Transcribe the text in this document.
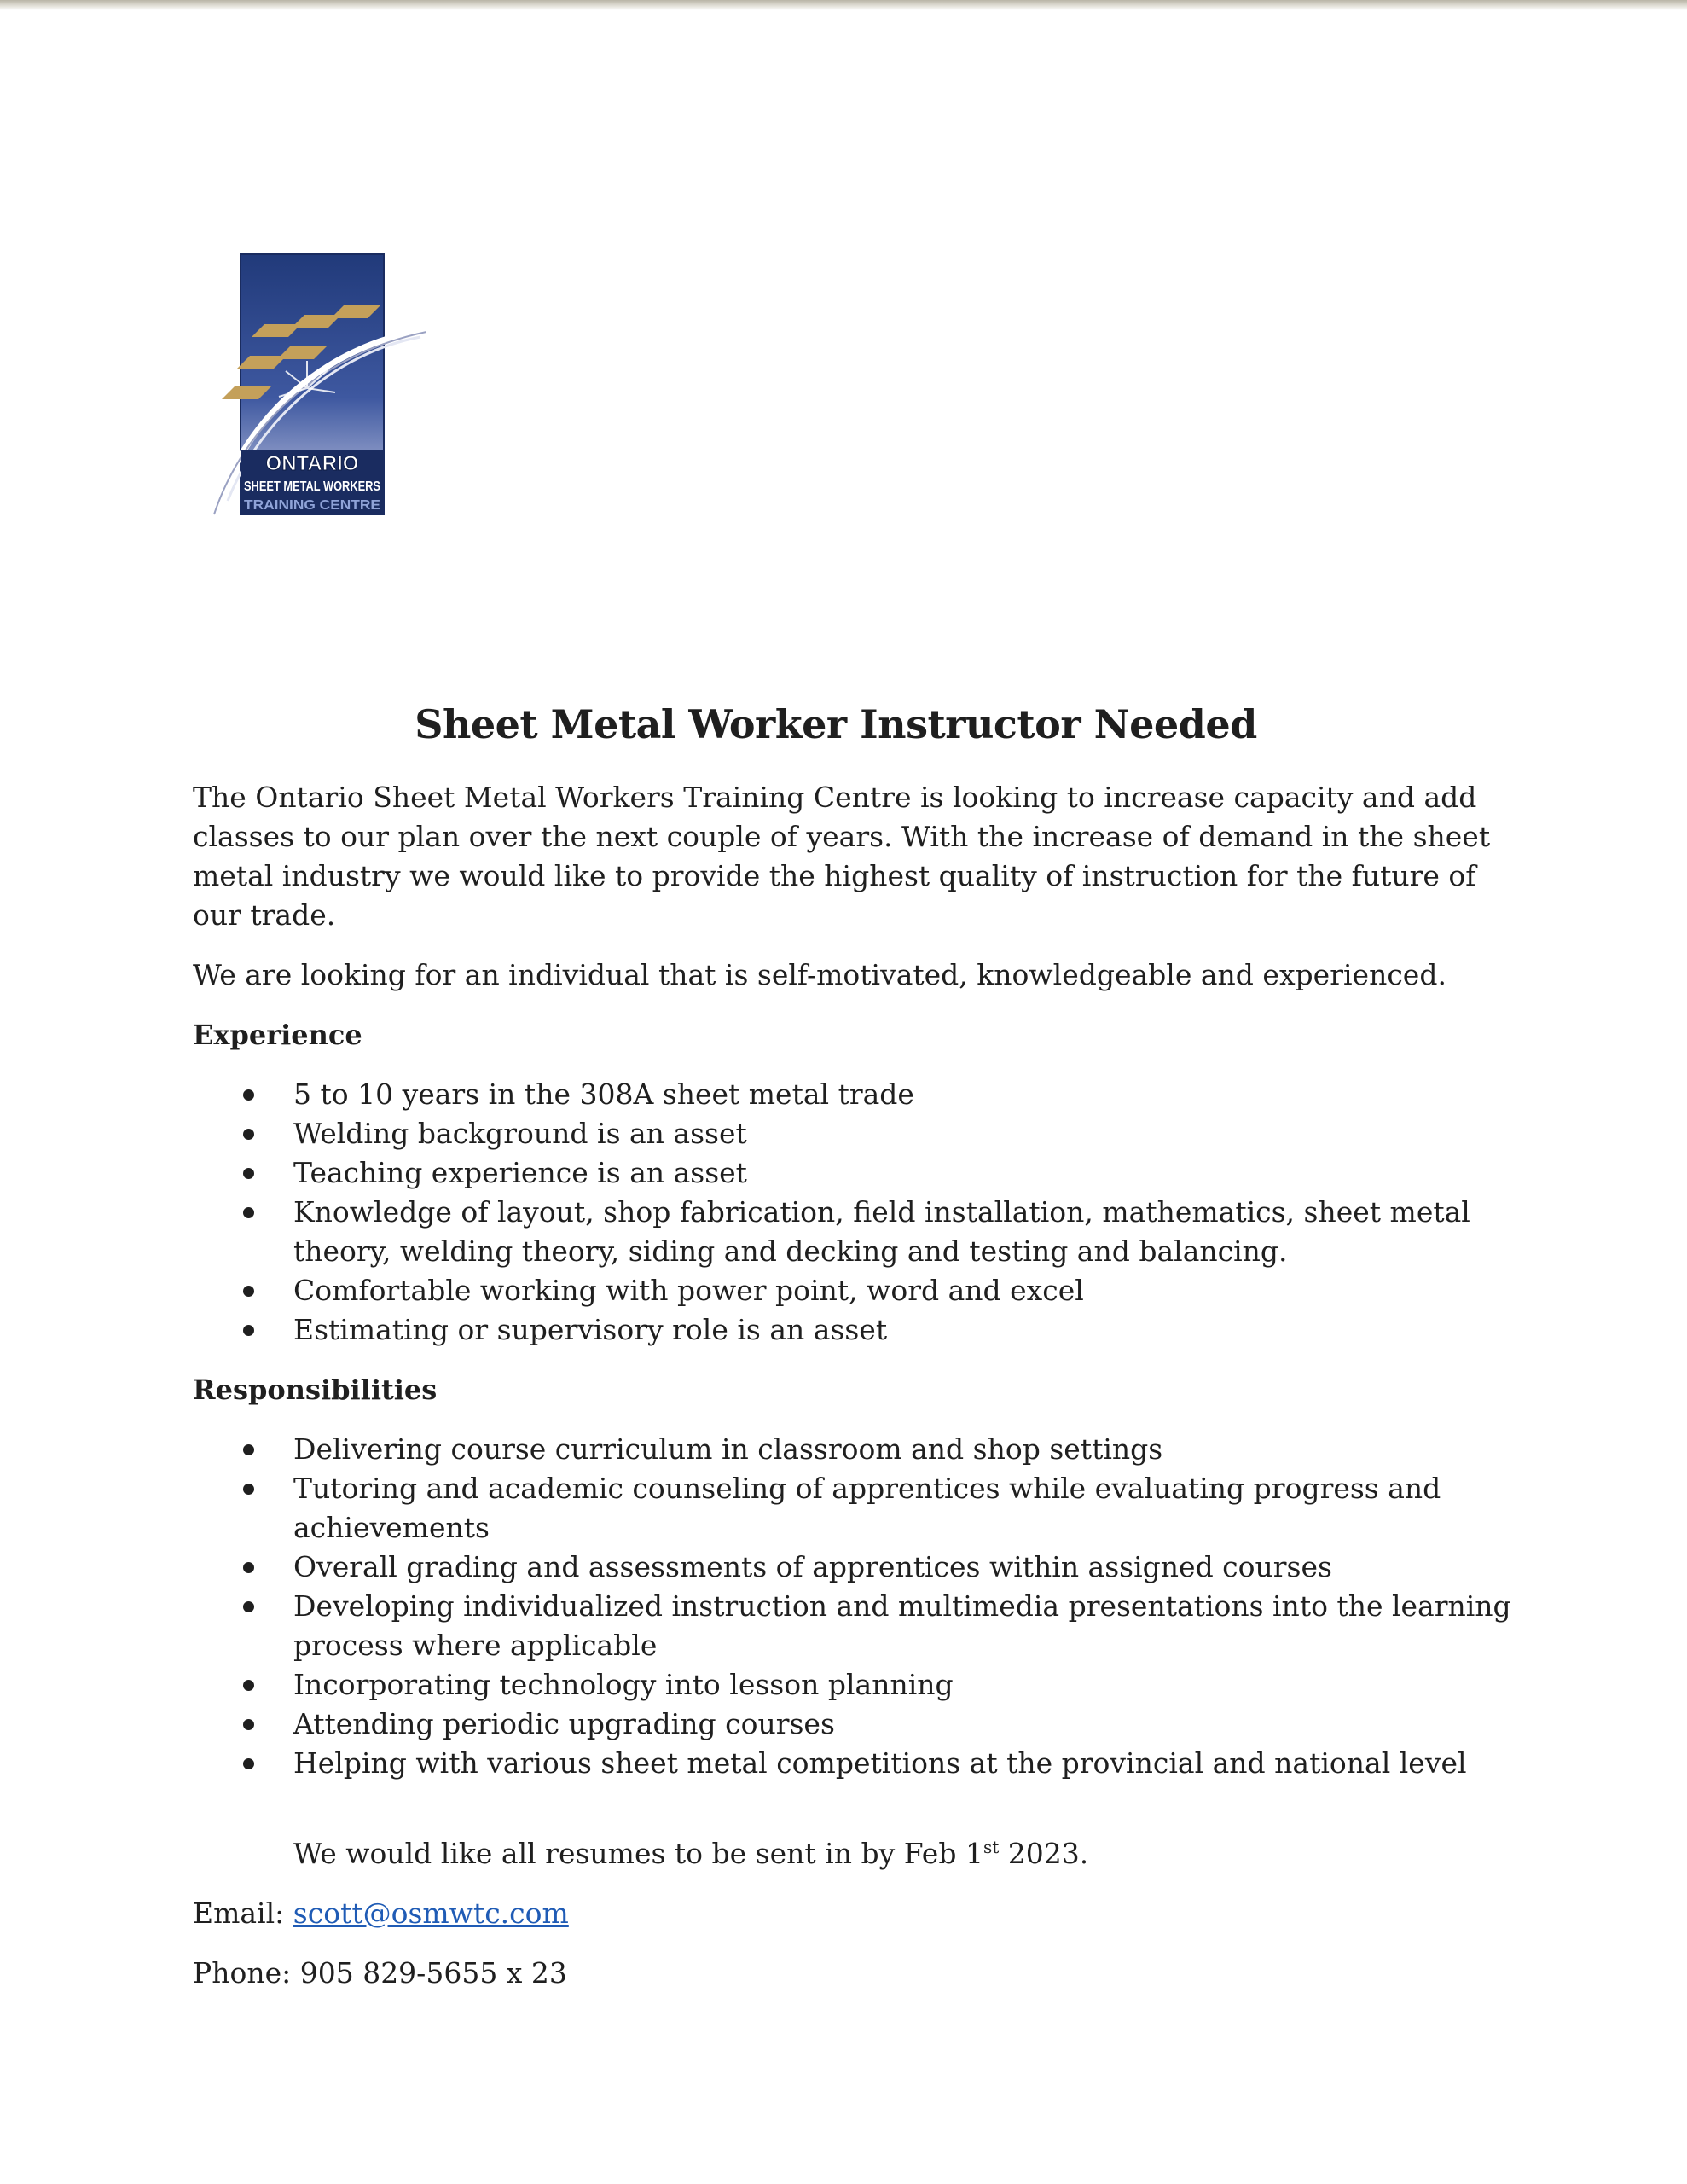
ONTARIO
SHEET METAL WORKERS
TRAINING CENTRE
Sheet Metal Worker Instructor Needed

The Ontario Sheet Metal Workers Training Centre is looking to increase capacity and add classes to our plan over the next couple of years. With the increase of demand in the sheet metal industry we would like to provide the highest quality of instruction for the future of our trade.

We are looking for an individual that is self-motivated, knowledgeable and experienced.

Experience

5 to 10 years in the 308A sheet metal trade
Welding background is an asset
Teaching experience is an asset
Knowledge of layout, shop fabrication, field installation, mathematics, sheet metal theory, welding theory, siding and decking and testing and balancing.
Comfortable working with power point, word and excel
Estimating or supervisory role is an asset

Responsibilities

Delivering course curriculum in classroom and shop settings
Tutoring and academic counseling of apprentices while evaluating progress and achievements
Overall grading and assessments of apprentices within assigned courses
Developing individualized instruction and multimedia presentations into the learning process where applicable
Incorporating technology into lesson planning
Attending periodic upgrading courses
Helping with various sheet metal competitions at the provincial and national level

We would like all resumes to be sent in by Feb 1st 2023.

Email: scott@osmwtc.com

Phone: 905 829-5655 x 23
